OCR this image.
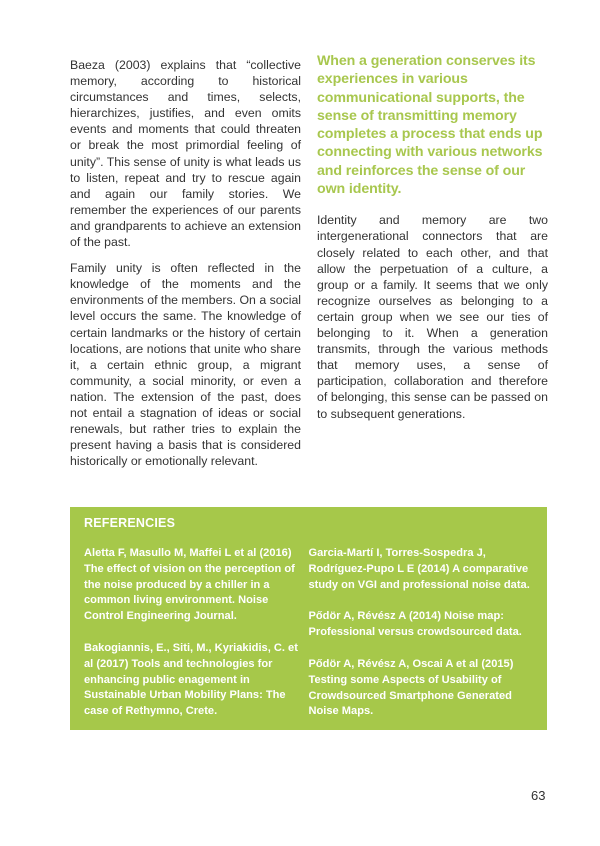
Baeza (2003) explains that “collective memory, according to historical circumstances and times, selects, hierarchizes, justifies, and even omits events and moments that could threaten or break the most primordial feeling of unity”. This sense of unity is what leads us to listen, repeat and try to rescue again and again our family stories. We remember the experiences of our parents and grandparents to achieve an extension of the past.

Family unity is often reflected in the knowledge of the moments and the environments of the members. On a social level occurs the same. The knowledge of certain landmarks or the history of certain locations, are notions that unite who share it, a certain ethnic group, a migrant community, a social minority, or even a nation. The extension of the past, does not entail a stagnation of ideas or social renewals, but rather tries to explain the present having a basis that is considered historically or emotionally relevant.

When a generation conserves its experiences in various communicational supports, the sense of transmitting memory completes a process that ends up connecting with various networks and reinforces the sense of our own identity.

Identity and memory are two intergenerational connectors that are closely related to each other, and that allow the perpetuation of a culture, a group or a family. It seems that we only recognize ourselves as belonging to a certain group when we see our ties of belonging to it. When a generation transmits, through the various methods that memory uses, a sense of participation, collaboration and therefore of belonging, this sense can be passed on to subsequent generations.

REFERENCIES
Aletta F, Masullo M, Maffei L et al (2016) The effect of vision on the perception of the noise produced by a chiller in a common living environment. Noise Control Engineering Journal.
Bakogiannis, E., Siti, M., Kyriakidis, C. et al (2017) Tools and technologies for enhancing public enagement in Sustainable Urban Mobility Plans: The case of Rethymno, Crete.
Garcia-Martí I, Torres-Sospedra J, Rodríguez-Pupo L E (2014) A comparative study on VGI and professional noise data.
Pődör A, Révész A (2014) Noise map: Professional versus crowdsourced data.
Pődör A, Révész A, Oscai A et al (2015) Testing some Aspects of Usability of Crowdsourced Smartphone Generated Noise Maps.
63
